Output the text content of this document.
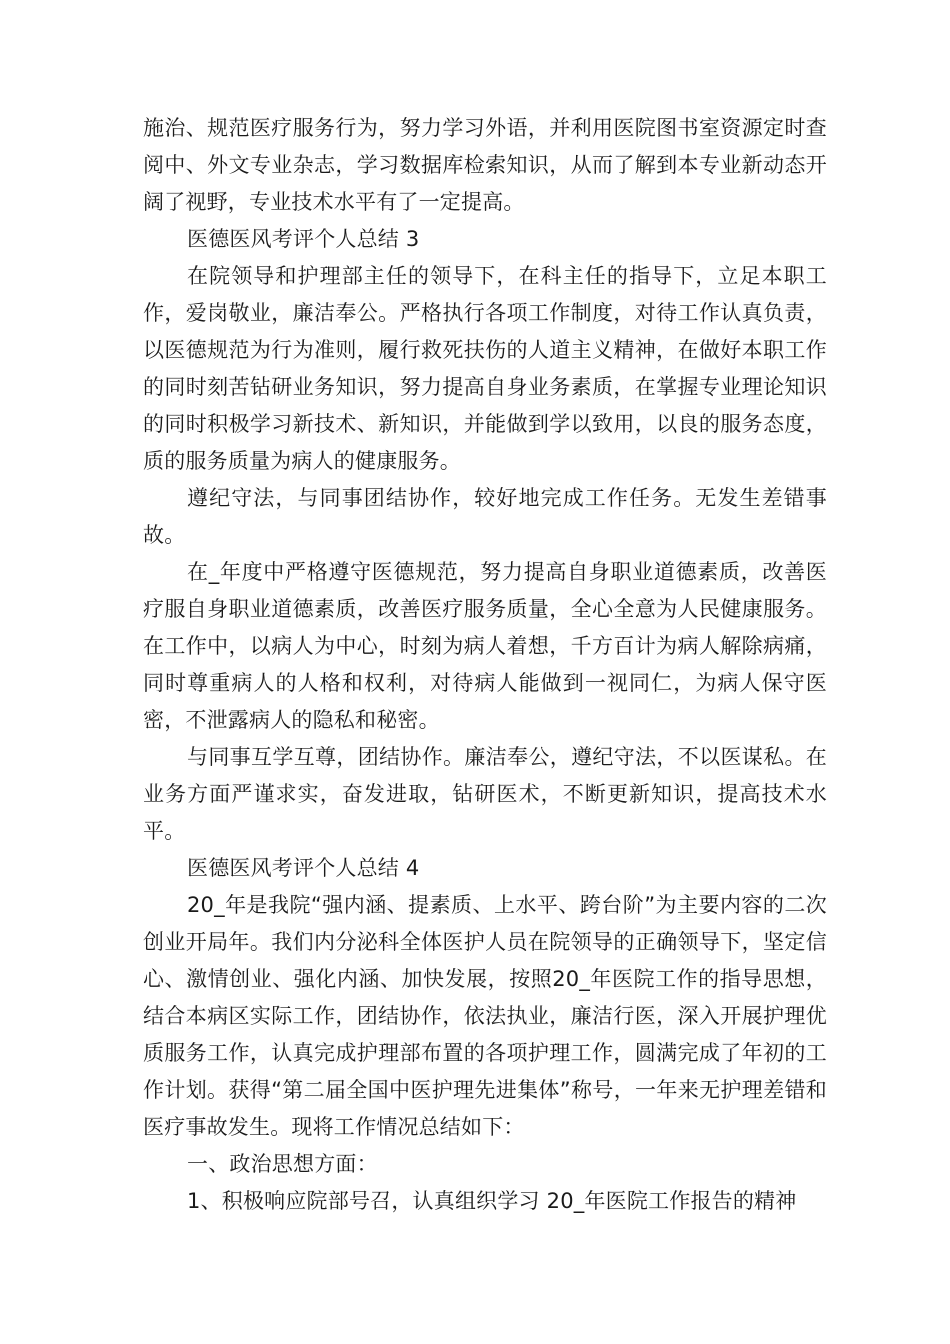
施治、规范医疗服务行为，努力学习外语，并利用医院图书室资源定时查阅中、外文专业杂志，学习数据库检索知识，从而了解到本专业新动态开阔了视野，专业技术水平有了一定提高。

医德医风考评个人总结 3

在院领导和护理部主任的领导下，在科主任的指导下，立足本职工作，爱岗敬业，廉洁奉公。严格执行各项工作制度，对待工作认真负责，以医德规范为行为准则，履行救死扶伤的人道主义精神，在做好本职工作的同时刻苦钻研业务知识，努力提高自身业务素质，在掌握专业理论知识的同时积极学习新技术、新知识，并能做到学以致用，以良的服务态度，质的服务质量为病人的健康服务。

遵纪守法，与同事团结协作，较好地完成工作任务。无发生差错事故。

在_年度中严格遵守医德规范，努力提高自身职业道德素质，改善医疗服自身职业道德素质，改善医疗服务质量，全心全意为人民健康服务。在工作中，以病人为中心，时刻为病人着想，千方百计为病人解除病痛，同时尊重病人的人格和权利，对待病人能做到一视同仁，为病人保守医密，不泄露病人的隐私和秘密。

与同事互学互尊，团结协作。廉洁奉公，遵纪守法，不以医谋私。在业务方面严谨求实，奋发进取，钻研医术，不断更新知识，提高技术水平。

医德医风考评个人总结 4

20_年是我院“强内涵、提素质、上水平、跨台阶”为主要内容的二次创业开局年。我们内分泌科全体医护人员在院领导的正确领导下，坚定信心、激情创业、强化内涵、加快发展，按照20_年医院工作的指导思想，结合本病区实际工作，团结协作，依法执业，廉洁行医，深入开展护理优质服务工作，认真完成护理部布置的各项护理工作，圆满完成了年初的工作计划。获得“第二届全国中医护理先进集体”称号，一年来无护理差错和医疗事故发生。现将工作情况总结如下：

一、政治思想方面：

1、积极响应院部号召，认真组织学习 20_年医院工作报告的精神
